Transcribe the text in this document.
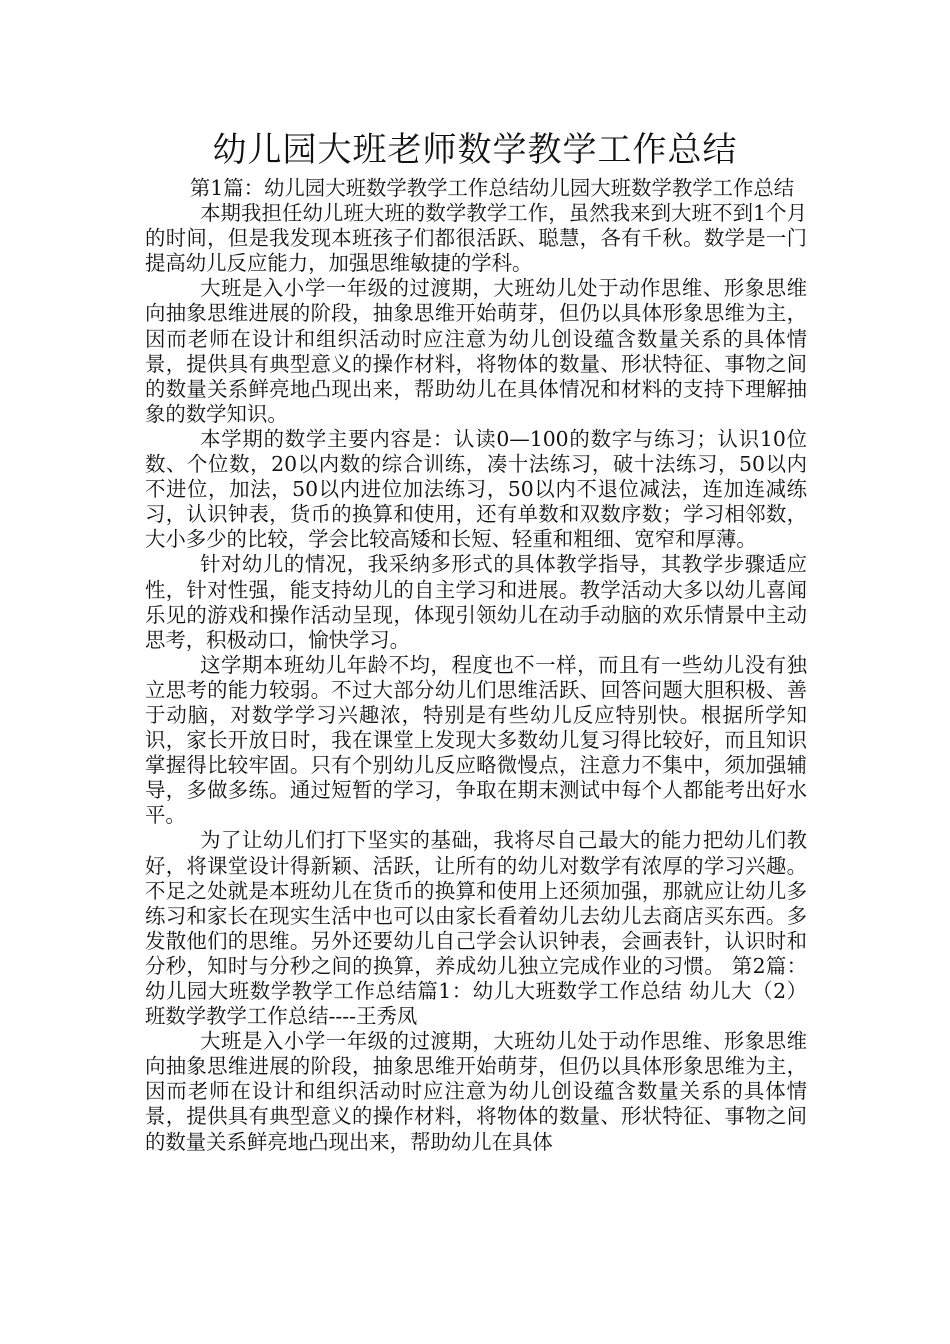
幼儿园大班老师数学教学工作总结

第1篇：幼儿园大班数学教学工作总结幼儿园大班数学教学工作总结

本期我担任幼儿班大班的数学教学工作，虽然我来到大班不到1个月的时间，但是我发现本班孩子们都很活跃、聪慧，各有千秋。数学是一门提高幼儿反应能力，加强思维敏捷的学科。

大班是入小学一年级的过渡期，大班幼儿处于动作思维、形象思维向抽象思维进展的阶段，抽象思维开始萌芽，但仍以具体形象思维为主，因而老师在设计和组织活动时应注意为幼儿创设蕴含数量关系的具体情景，提供具有典型意义的操作材料，将物体的数量、形状特征、事物之间的数量关系鲜亮地凸现出来，帮助幼儿在具体情况和材料的支持下理解抽象的数学知识。

本学期的数学主要内容是：认读0—100的数字与练习；认识10位数、个位数，20以内数的综合训练，凑十法练习，破十法练习，50以内不进位，加法，50以内进位加法练习，50以内不退位减法，连加连减练习，认识钟表，货币的换算和使用，还有单数和双数序数；学习相邻数，大小多少的比较，学会比较高矮和长短、轻重和粗细、宽窄和厚薄。

针对幼儿的情况，我采纳多形式的具体教学指导，其教学步骤适应性，针对性强，能支持幼儿的自主学习和进展。教学活动大多以幼儿喜闻乐见的游戏和操作活动呈现，体现引领幼儿在动手动脑的欢乐情景中主动思考，积极动口，愉快学习。

这学期本班幼儿年龄不均，程度也不一样，而且有一些幼儿没有独立思考的能力较弱。不过大部分幼儿们思维活跃、回答问题大胆积极、善于动脑，对数学学习兴趣浓，特别是有些幼儿反应特别快。根据所学知识，家长开放日时，我在课堂上发现大多数幼儿复习得比较好，而且知识掌握得比较牢固。只有个别幼儿反应略微慢点，注意力不集中，须加强辅导，多做多练。通过短暂的学习，争取在期末测试中每个人都能考出好水平。

为了让幼儿们打下坚实的基础，我将尽自己最大的能力把幼儿们教好，将课堂设计得新颖、活跃，让所有的幼儿对数学有浓厚的学习兴趣。不足之处就是本班幼儿在货币的换算和使用上还须加强，那就应让幼儿多练习和家长在现实生活中也可以由家长看着幼儿去幼儿去商店买东西。多发散他们的思维。另外还要幼儿自己学会认识钟表，会画表针，认识时和分秒，知时与分秒之间的换算，养成幼儿独立完成作业的习惯。 第2篇：幼儿园大班数学教学工作总结篇1：幼儿大班数学工作总结 幼儿大（2）班数学教学工作总结----王秀凤

大班是入小学一年级的过渡期，大班幼儿处于动作思维、形象思维向抽象思维进展的阶段，抽象思维开始萌芽，但仍以具体形象思维为主，因而老师在设计和组织活动时应注意为幼儿创设蕴含数量关系的具体情景，提供具有典型意义的操作材料，将物体的数量、形状特征、事物之间的数量关系鲜亮地凸现出来，帮助幼儿在具体
